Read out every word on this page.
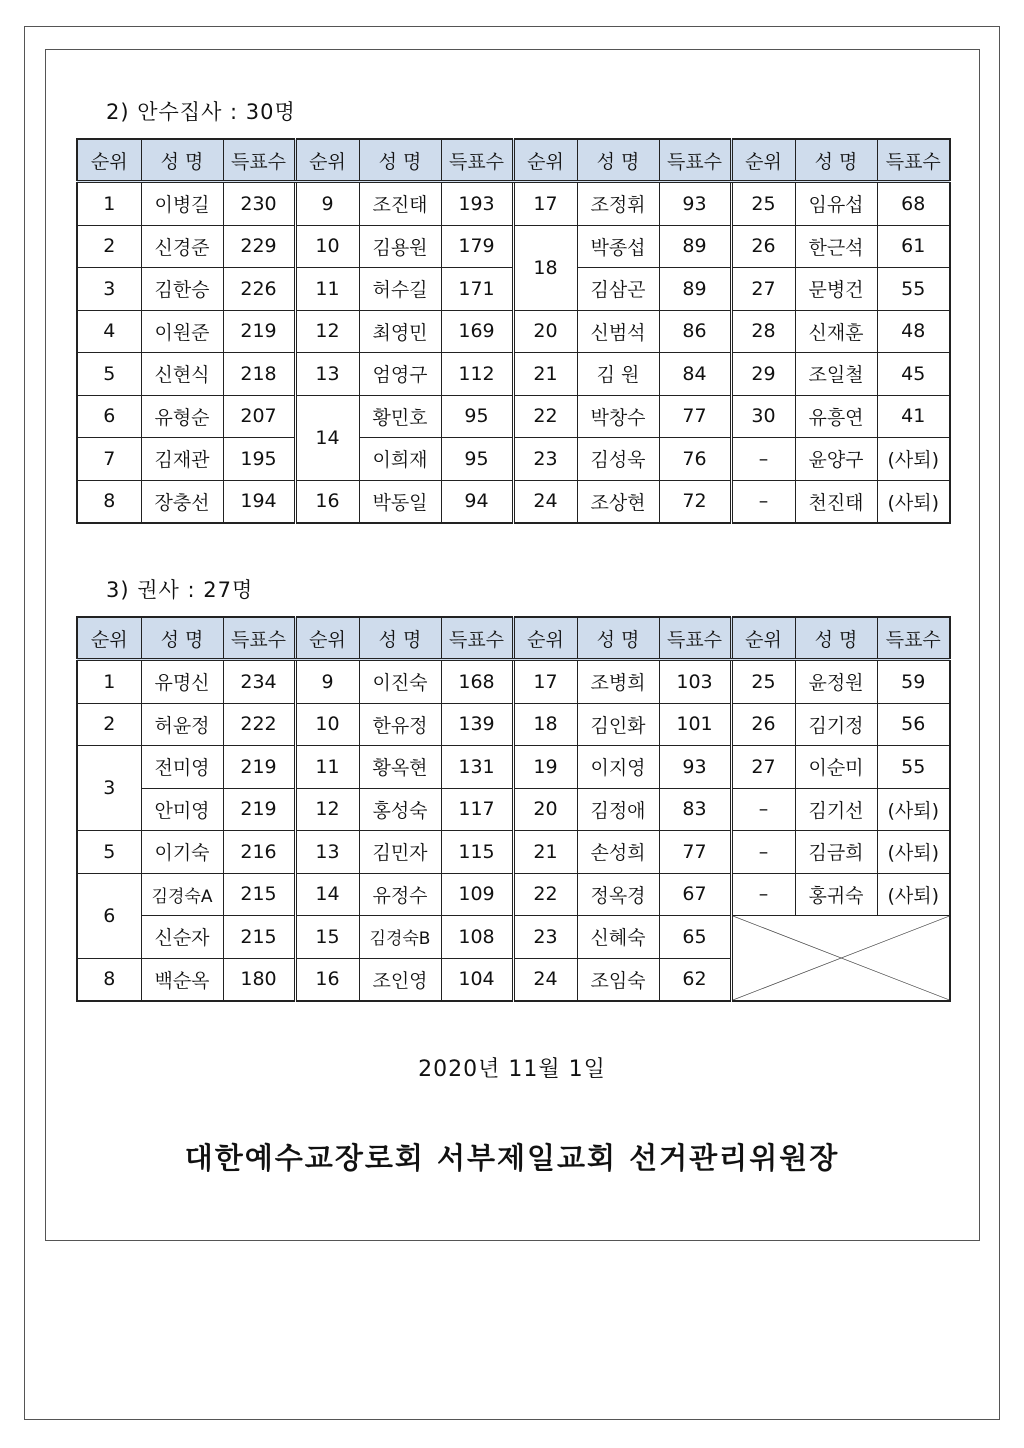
2) 안수집사 : 30명
순위	성 명	득표수	순위	성 명	득표수	순위	성 명	득표수	순위	성 명	득표수
1	이병길	230	9	조진태	193	17	조정휘	93	25	임유섭	68
2	신경준	229	10	김용원	179	18	박종섭	89	26	한근석	61
3	김한승	226	11	허수길	171		김삼곤	89	27	문병건	55
4	이원준	219	12	최영민	169	20	신범석	86	28	신재훈	48
5	신현식	218	13	엄영구	112	21	김 원	84	29	조일철	45
6	유형순	207	14	황민호	95	22	박창수	77	30	유흥연	41
7	김재관	195		이희재	95	23	김성욱	76	–	윤양구	(사퇴)
8	장충선	194	16	박동일	94	24	조상현	72	–	천진태	(사퇴)
3) 권사 : 27명
순위	성 명	득표수	순위	성 명	득표수	순위	성 명	득표수	순위	성 명	득표수
1	유명신	234	9	이진숙	168	17	조병희	103	25	윤정원	59
2	허윤정	222	10	한유정	139	18	김인화	101	26	김기정	56
3	전미영	219	11	황옥현	131	19	이지영	93	27	이순미	55
	안미영	219	12	홍성숙	117	20	김정애	83	–	김기선	(사퇴)
5	이기숙	216	13	김민자	115	21	손성희	77	–	김금희	(사퇴)
6	김경숙A	215	14	유정수	109	22	정옥경	67	–	홍귀숙	(사퇴)
	신순자	215	15	김경숙B	108	23	신혜숙	65	

8	백순옥	180	16	조인영	104	24	조임숙	62			
2020년 11월 1일
대한예수교장로회 서부제일교회 선거관리위원장
